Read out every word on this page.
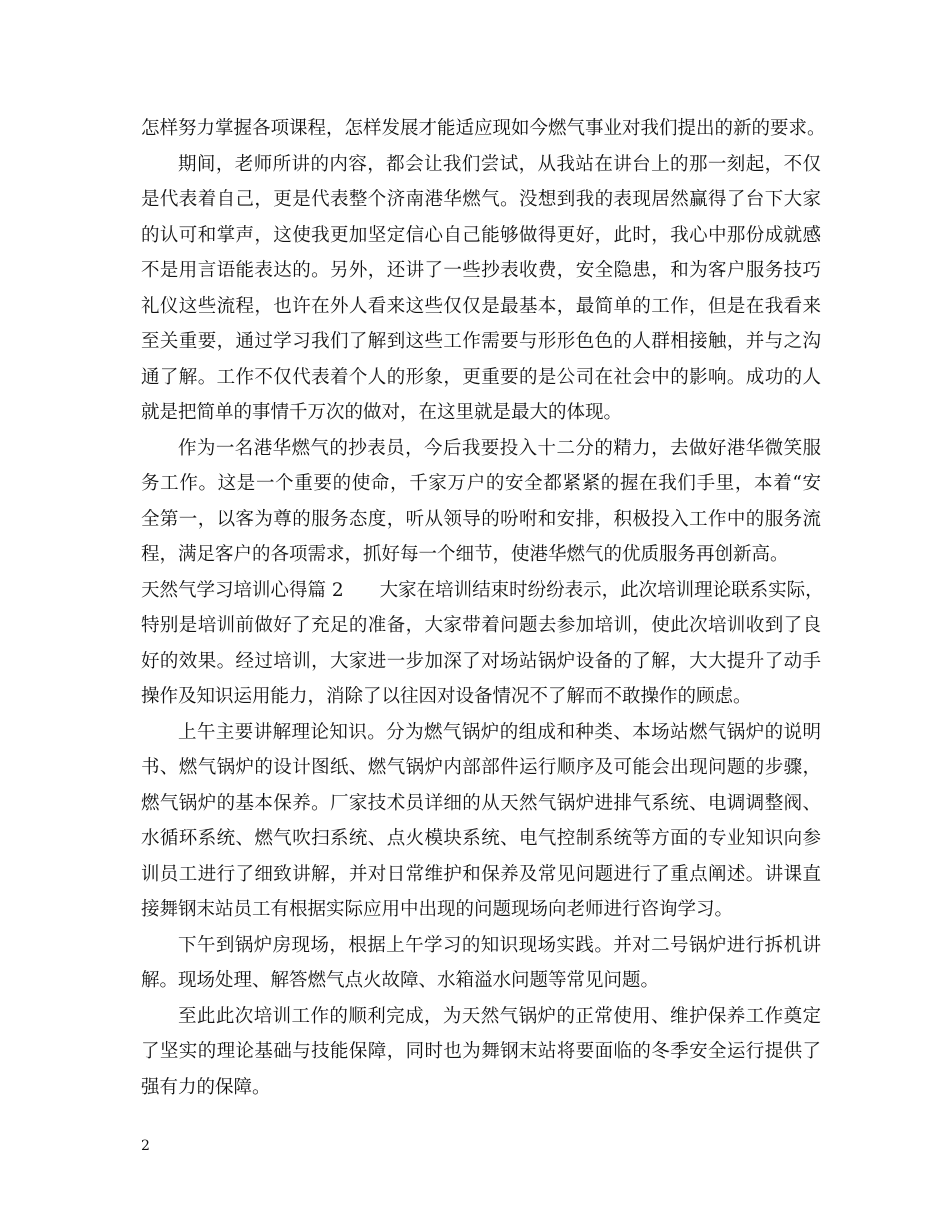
怎样努力掌握各项课程，怎样发展才能适应现如今燃气事业对我们提出的新的要求。
期间，老师所讲的内容，都会让我们尝试，从我站在讲台上的那一刻起，不仅
是代表着自己，更是代表整个济南港华燃气。没想到我的表现居然赢得了台下大家
的认可和掌声，这使我更加坚定信心自己能够做得更好，此时，我心中那份成就感
不是用言语能表达的。另外，还讲了一些抄表收费，安全隐患，和为客户服务技巧
礼仪这些流程，也许在外人看来这些仅仅是最基本，最简单的工作，但是在我看来
至关重要，通过学习我们了解到这些工作需要与形形色色的人群相接触，并与之沟
通了解。工作不仅代表着个人的形象，更重要的是公司在社会中的影响。成功的人
就是把简单的事情千万次的做对，在这里就是最大的体现。
作为一名港华燃气的抄表员，今后我要投入十二分的精力，去做好港华微笑服
务工作。这是一个重要的使命，千家万户的安全都紧紧的握在我们手里，本着“安
全第一，以客为尊的服务态度，听从领导的吩咐和安排，积极投入工作中的服务流
程，满足客户的各项需求，抓好每一个细节，使港华燃气的优质服务再创新高。
天然气学习培训心得篇 2 大家在培训结束时纷纷表示，此次培训理论联系实际，
特别是培训前做好了充足的准备，大家带着问题去参加培训，使此次培训收到了良
好的效果。经过培训，大家进一步加深了对场站锅炉设备的了解，大大提升了动手
操作及知识运用能力，消除了以往因对设备情况不了解而不敢操作的顾虑。
上午主要讲解理论知识。分为燃气锅炉的组成和种类、本场站燃气锅炉的说明
书、燃气锅炉的设计图纸、燃气锅炉内部部件运行顺序及可能会出现问题的步骤，
燃气锅炉的基本保养。厂家技术员详细的从天然气锅炉进排气系统、电调调整阀、
水循环系统、燃气吹扫系统、点火模块系统、电气控制系统等方面的专业知识向参
训员工进行了细致讲解，并对日常维护和保养及常见问题进行了重点阐述。讲课直
接舞钢末站员工有根据实际应用中出现的问题现场向老师进行咨询学习。
下午到锅炉房现场，根据上午学习的知识现场实践。并对二号锅炉进行拆机讲
解。现场处理、解答燃气点火故障、水箱溢水问题等常见问题。
至此此次培训工作的顺利完成，为天然气锅炉的正常使用、维护保养工作奠定
了坚实的理论基础与技能保障，同时也为舞钢末站将要面临的冬季安全运行提供了
强有力的保障。
2
